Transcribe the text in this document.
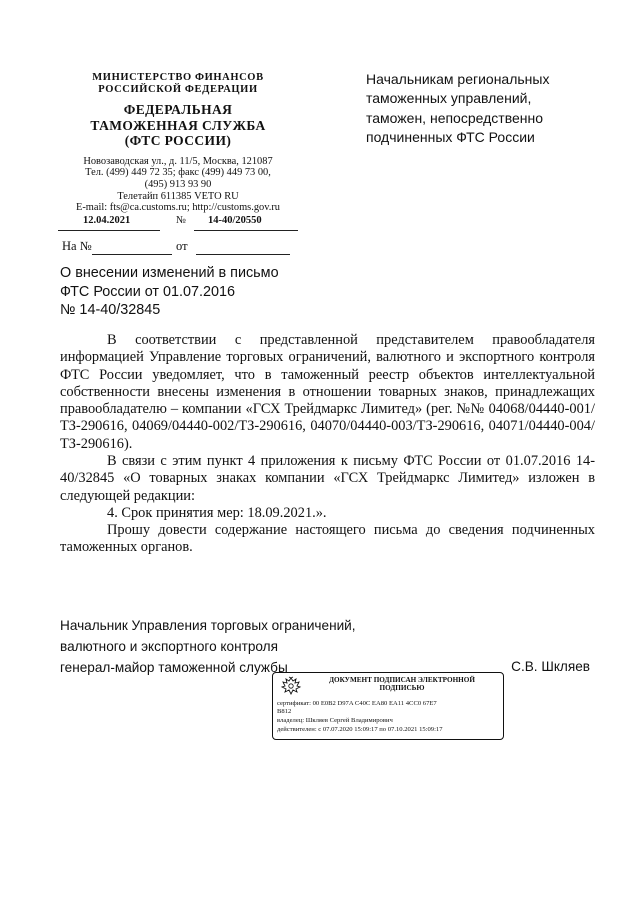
МИНИСТЕРСТВО ФИНАНСОВ
РОССИЙСКОЙ ФЕДЕРАЦИИ
ФЕДЕРАЛЬНАЯ
ТАМОЖЕННАЯ СЛУЖБА
(ФТС РОССИИ)
Новозаводская ул., д. 11/5, Москва, 121087
Тел. (499) 449 72 35; факс (499) 449 73 00,
(495) 913 93 90
Телетайп 611385 VETO RU
E-mail: fts@ca.customs.ru; http://customs.gov.ru
12.04.2021	№ 14-40/20550
На №	от
Начальникам региональных
таможенных управлений,
таможен, непосредственно
подчиненных ФТС России
О внесении изменений в письмо
ФТС России от 01.07.2016
№ 14-40/32845

В соответствии с представленной представителем правообладателя информацией Управление торговых ограничений, валютного и экспортного контроля ФТС России уведомляет, что в таможенный реестр объектов интеллектуальной собственности внесены изменения в отношении товарных знаков, принадлежащих правообладателю – компании «ГСХ Трейдмаркс Лимитед» (рег. №№ 04068/04440-001/ТЗ-290616, 04069/04440-002/ТЗ-290616, 04070/04440-003/ТЗ-290616, 04071/04440-004/ТЗ-290616).

В связи с этим пункт 4 приложения к письму ФТС России от 01.07.2016 14-40/32845 «О товарных знаках компании «ГСХ Трейдмаркс Лимитед» изложен в следующей редакции:

4. Срок принятия мер: 18.09.2021.».

Прошу довести содержание настоящего письма до сведения подчиненных таможенных органов.

Начальник Управления торговых ограничений,
валютного и экспортного контроля
генерал-майор таможенной службы	С.В. Шкляев
ДОКУМЕНТ ПОДПИСАН ЭЛЕКТРОННОЙ
ПОДПИСЬЮ
сертификат: 00 E0B2 D97A C40C EA80 EA11 4CC0 67E7
B812
владелец: Шкляев Сергей Владимирович
действителен: с 07.07.2020 15:09:17 по 07.10.2021 15:09:17
